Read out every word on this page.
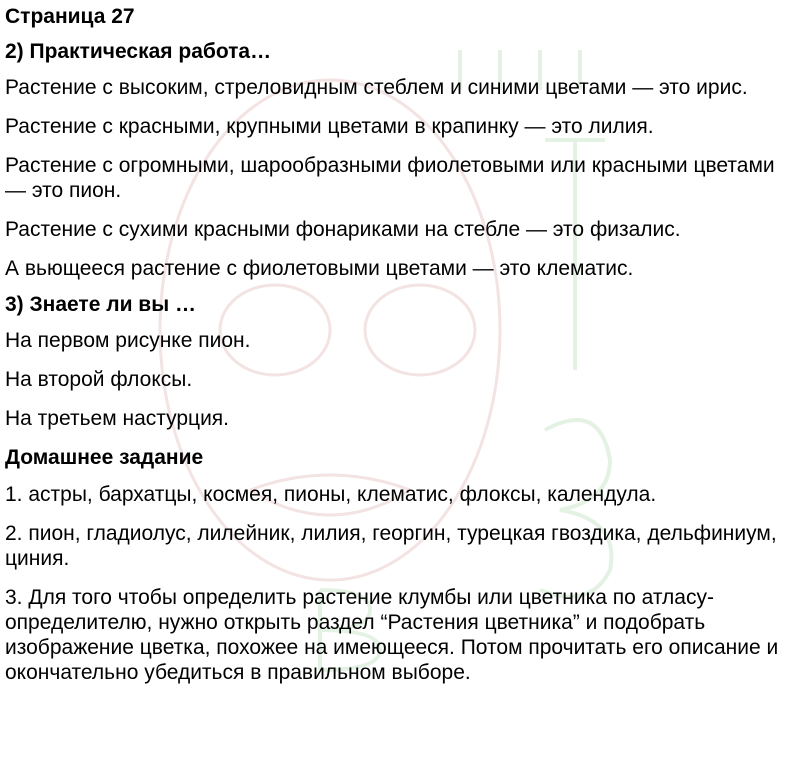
Страница 27
2) Практическая работа…

Растение с высоким, стреловидным стеблем и синими цветами — это ирис.

Растение с красными, крупными цветами в крапинку — это лилия.

Растение с огромными, шарообразными фиолетовыми или красными цветами — это пион.

Растение с сухими красными фонариками на стебле — это физалис.

А вьющееся растение с фиолетовыми цветами — это клематис.

3) Знаете ли вы …

На первом рисунке пион.

На второй флоксы.

На третьем настурция.

Домашнее задание

1. астры, бархатцы, космея, пионы, клематис, флоксы, календула.

2. пион, гладиолус, лилейник, лилия, георгин, турецкая гвоздика, дельфиниум, циния.

3. Для того чтобы определить растение клумбы или цветника по атласу-определителю, нужно открыть раздел “Растения цветника” и подобрать изображение цветка, похожее на имеющееся. Потом прочитать его описание и окончательно убедиться в правильном выборе.
